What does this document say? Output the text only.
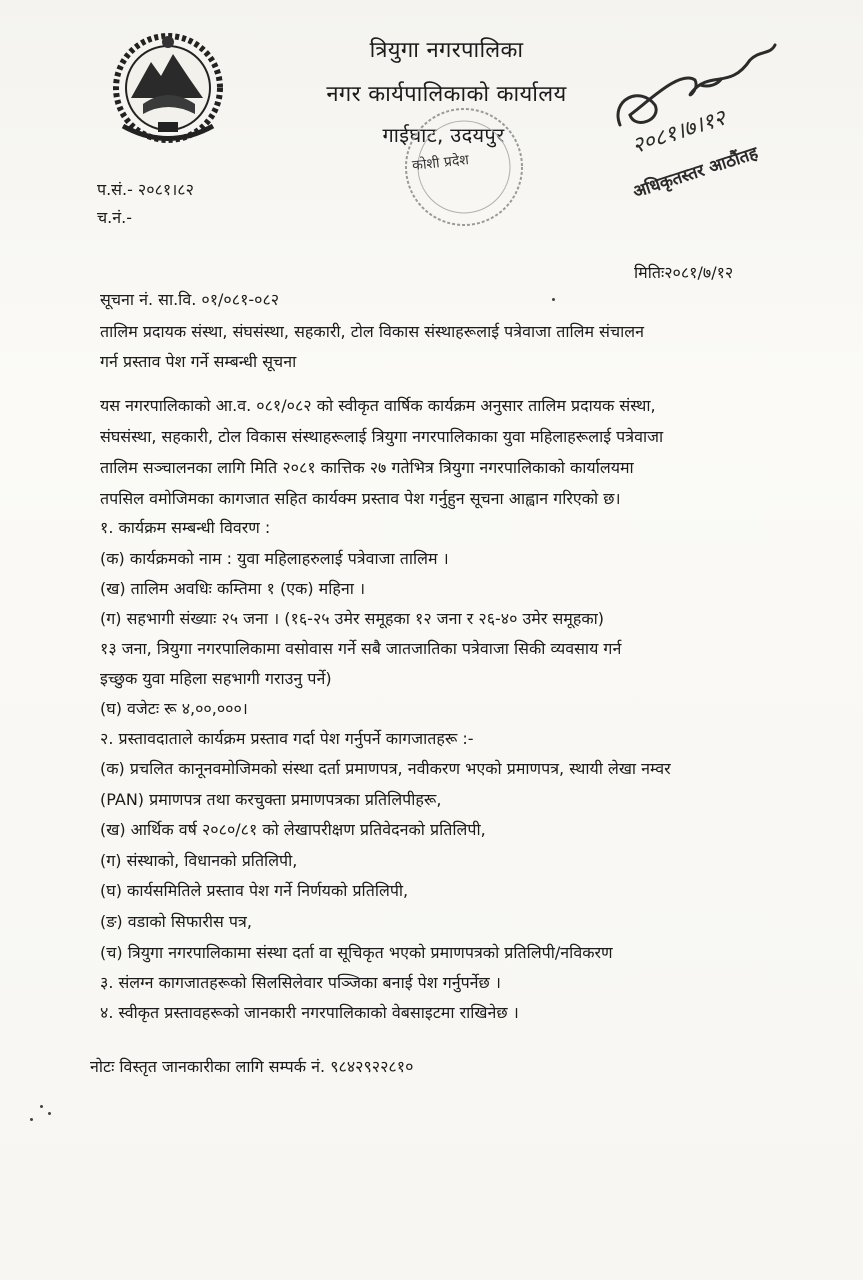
त्रियुगा नगरपालिका
नगर कार्यपालिकाको कार्यालय
गाईघाट, उदयपुर
कोशी प्रदेश
२०८१।७।१२
अधिकृतस्तर आठौंतह
प.सं.- २०८१।८२
च.नं.-
मितिः२०८१/७/१२
सूचना नं. सा.वि. ०१/०८१-०८२
तालिम प्रदायक संस्था, संघसंस्था, सहकारी, टोल विकास संस्थाहरूलाई पत्रेवाजा तालिम संचालन
गर्न प्रस्ताव पेश गर्ने सम्बन्धी सूचना
यस नगरपालिकाको आ.व. ०८१/०८२ को स्वीकृत वार्षिक कार्यक्रम अनुसार तालिम प्रदायक संस्था,
संघसंस्था, सहकारी, टोल विकास संस्थाहरूलाई त्रियुगा नगरपालिकाका युवा महिलाहरूलाई पत्रेवाजा
तालिम सञ्चालनका लागि मिति २०८१ कात्तिक २७ गतेभित्र त्रियुगा नगरपालिकाको कार्यालयमा
तपसिल वमोजिमका कागजात सहित कार्यक्म प्रस्ताव पेश गर्नुहुन सूचना आह्वान गरिएको छ।
१. कार्यक्रम सम्बन्धी विवरण :
(क) कार्यक्रमको नाम : युवा महिलाहरुलाई पत्रेवाजा तालिम ।
(ख) तालिम अवधिः कम्तिमा १ (एक) महिना ।
(ग) सहभागी संख्याः २५ जना । (१६-२५ उमेर समूहका १२ जना र २६-४० उमेर समूहका)
१३ जना, त्रियुगा नगरपालिकामा वसोवास गर्ने सबै जातजातिका पत्रेवाजा सिकी व्यवसाय गर्न
इच्छुक युवा महिला सहभागी गराउनु पर्ने)
(घ) वजेटः रू ४,००,०००।
२. प्रस्तावदाताले कार्यक्रम प्रस्ताव गर्दा पेश गर्नुपर्ने कागजातहरू :-
(क) प्रचलित कानूनवमोजिमको संस्था दर्ता प्रमाणपत्र, नवीकरण भएको प्रमाणपत्र, स्थायी लेखा नम्वर
(PAN) प्रमाणपत्र तथा करचुक्ता प्रमाणपत्रका प्रतिलिपीहरू,
(ख) आर्थिक वर्ष २०८०/८१ को लेखापरीक्षण प्रतिवेदनको प्रतिलिपी,
(ग) संस्थाको, विधानको प्रतिलिपी,
(घ) कार्यसमितिले प्रस्ताव पेश गर्ने निर्णयको प्रतिलिपी,
(ङ) वडाको सिफारीस पत्र,
(च) त्रियुगा नगरपालिकामा संस्था दर्ता वा सूचिकृत भएको प्रमाणपत्रको प्रतिलिपी/नविकरण
३. संलग्न कागजातहरूको सिलसिलेवार पञ्जिका बनाई पेश गर्नुपर्नेछ ।
४. स्वीकृत प्रस्तावहरूको जानकारी नगरपालिकाको वेबसाइटमा राखिनेछ ।
नोटः विस्तृत जानकारीका लागि सम्पर्क नं. ९८४२९२२८१०
